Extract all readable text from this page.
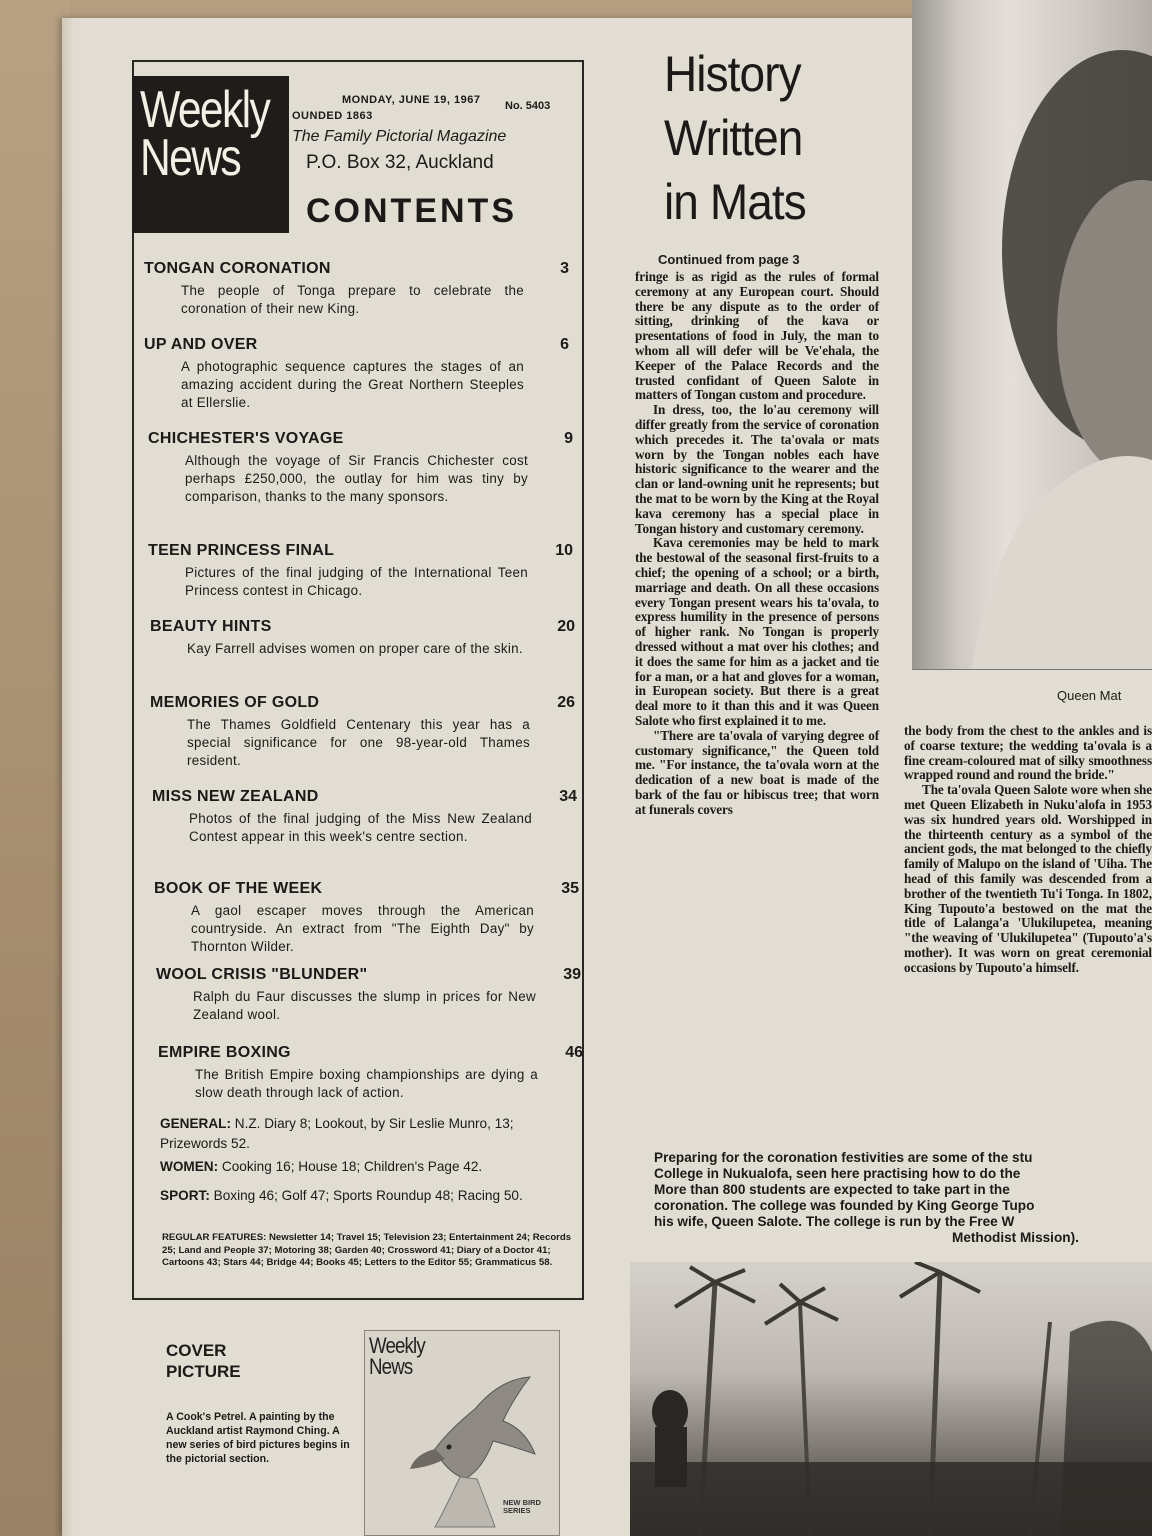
Weekly
News
MONDAY, JUNE 19, 1967
OUNDED 1863
No. 5403
The Family Pictorial Magazine
P.O. Box 32, Auckland
CONTENTS
TONGAN CORONATION	3
The people of Tonga prepare to celebrate the coronation of their new King.
UP AND OVER	6
A photographic sequence captures the stages of an amazing accident during the Great Northern Steeples at Ellerslie.
CHICHESTER'S VOYAGE	9
Although the voyage of Sir Francis Chichester cost perhaps £250,000, the outlay for him was tiny by comparison, thanks to the many sponsors.
TEEN PRINCESS FINAL	10
Pictures of the final judging of the International Teen Princess contest in Chicago.
BEAUTY HINTS	20
Kay Farrell advises women on proper care of the skin.
MEMORIES OF GOLD	26
The Thames Goldfield Centenary this year has a special significance for one 98-year-old Thames resident.
MISS NEW ZEALAND	34
Photos of the final judging of the Miss New Zealand Contest appear in this week's centre section.
BOOK OF THE WEEK	35
A gaol escaper moves through the American countryside. An extract from "The Eighth Day" by Thornton Wilder.
WOOL CRISIS "BLUNDER"	39
Ralph du Faur discusses the slump in prices for New Zealand wool.
EMPIRE BOXING	46
The British Empire boxing championships are dying a slow death through lack of action.
GENERAL: N.Z. Diary 8; Lookout, by Sir Leslie Munro, 13; Prizewords 52.
WOMEN: Cooking 16; House 18; Children's Page 42.
SPORT: Boxing 46; Golf 47; Sports Roundup 48; Racing 50.
REGULAR FEATURES: Newsletter 14; Travel 15; Television 23; Entertainment 24; Records 25; Land and People 37; Motoring 38; Garden 40; Crossword 41; Diary of a Doctor 41; Cartoons 43; Stars 44; Bridge 44; Books 45; Letters to the Editor 55; Grammaticus 58.
COVER
PICTURE
A Cook's Petrel. A painting by the Auckland artist Raymond Ching. A new series of bird pictures begins in the pictorial section.
Weekly
News
NEW BIRD SERIES
History
Written
in Mats
Continued from page 3

fringe is as rigid as the rules of formal ceremony at any European court. Should there be any dispute as to the order of sitting, drinking of the kava or presentations of food in July, the man to whom all will defer will be Ve'ehala, the Keeper of the Palace Records and the trusted confidant of Queen Salote in matters of Tongan custom and procedure.

In dress, too, the lo'au ceremony will differ greatly from the service of coronation which precedes it. The ta'ovala or mats worn by the Tongan nobles each have historic significance to the wearer and the clan or land-owning unit he represents; but the mat to be worn by the King at the Royal kava ceremony has a special place in Tongan history and customary ceremony.

Kava ceremonies may be held to mark the bestowal of the seasonal first-fruits to a chief; the opening of a school; or a birth, marriage and death. On all these occasions every Tongan present wears his ta'ovala, to express humility in the presence of persons of higher rank. No Tongan is properly dressed without a mat over his clothes; and it does the same for him as a jacket and tie for a man, or a hat and gloves for a woman, in European society. But there is a great deal more to it than this and it was Queen Salote who first explained it to me.

"There are ta'ovala of varying degree of customary significance," the Queen told me. "For instance, the ta'ovala worn at the dedication of a new boat is made of the bark of the fau or hibiscus tree; that worn at funerals covers

Queen Mat

the body from the chest to the ankles and is of coarse texture; the wedding ta'ovala is a fine cream-coloured mat of silky smoothness wrapped round and round the bride."

The ta'ovala Queen Salote wore when she met Queen Elizabeth in Nuku'alofa in 1953 was six hundred years old. Worshipped in the thirteenth century as a symbol of the ancient gods, the mat belonged to the chiefly family of Malupo on the island of 'Uiha. The head of this family was descended from a brother of the twentieth Tu'i Tonga. In 1802, King Tupouto'a bestowed on the mat the title of Lalanga'a 'Ulukilupetea, meaning "the weaving of 'Ulukilupetea" (Tupouto'a's mother). It was worn on great ceremonial occasions by Tupouto'a himself.

Preparing for the coronation festivities are some of the stu
College in Nukualofa, seen here practising how to do the
More than 800 students are expected to take part in the
coronation. The college was founded by King George Tupo
his wife, Queen Salote. The college is run by the Free W
Methodist Mission).
